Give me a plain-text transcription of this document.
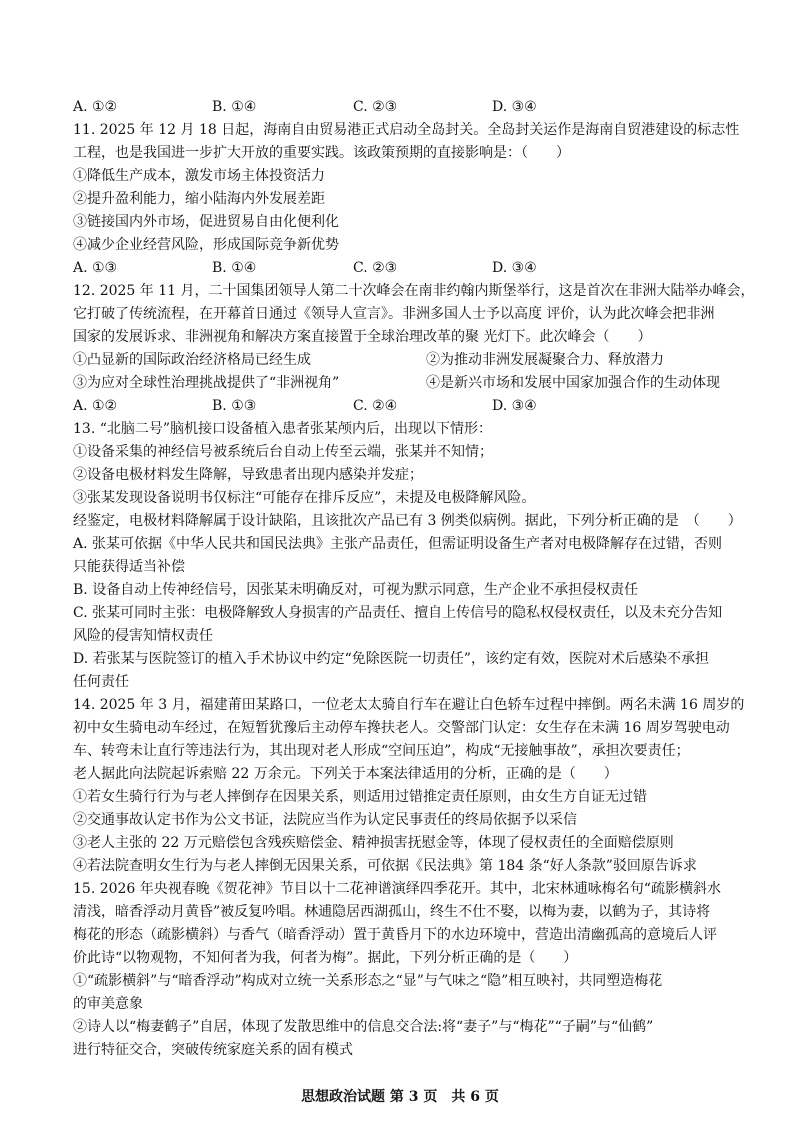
A. ①②	B. ①④	C. ②③	D. ③④
11. 2025 年 12 月 18 日起，海南自由贸易港正式启动全岛封关。全岛封关运作是海南自贸港建设的标志性
工程，也是我国进一步扩大开放的重要实践。该政策预期的直接影响是：（　　）
①降低生产成本，激发市场主体投资活力
②提升盈利能力，缩小陆海内外发展差距
③链接国内外市场，促进贸易自由化便利化
④减少企业经营风险，形成国际竞争新优势
A. ①③	B. ①④	C. ②③	D. ③④
12. 2025 年 11 月，二十国集团领导人第二十次峰会在南非约翰内斯堡举行，这是首次在非洲大陆举办峰会，
它打破了传统流程，在开幕首日通过《领导人宣言》。非洲多国人士予以高度 评价，认为此次峰会把非洲
国家的发展诉求、非洲视角和解决方案直接置于全球治理改革的聚 光灯下。此次峰会（　　）
①凸显新的国际政治经济格局已经生成	②为推动非洲发展凝聚合力、释放潜力
③为应对全球性治理挑战提供了“非洲视角”	④是新兴市场和发展中国家加强合作的生动体现
A. ①②	B. ①③	C. ②④	D. ③④
13. “北脑二号”脑机接口设备植入患者张某颅内后，出现以下情形：
①设备采集的神经信号被系统后台自动上传至云端，张某并不知情；
②设备电极材料发生降解，导致患者出现内感染并发症；
③张某发现设备说明书仅标注“可能存在排斥反应”，未提及电极降解风险。
经鉴定，电极材料降解属于设计缺陷，且该批次产品已有 3 例类似病例。据此，下列分析正确的是　（　　）
A. 张某可依据《中华人民共和国民法典》主张产品责任，但需证明设备生产者对电极降解存在过错，否则
只能获得适当补偿
B. 设备自动上传神经信号，因张某未明确反对，可视为默示同意，生产企业不承担侵权责任
C. 张某可同时主张：电极降解致人身损害的产品责任、擅自上传信号的隐私权侵权责任，以及未充分告知
风险的侵害知情权责任
D. 若张某与医院签订的植入手术协议中约定“免除医院一切责任”，该约定有效，医院对术后感染不承担
任何责任
14. 2025 年 3 月，福建莆田某路口，一位老太太骑自行车在避让白色轿车过程中摔倒。两名未满 16 周岁的
初中女生骑电动车经过，在短暂犹豫后主动停车搀扶老人。交警部门认定：女生存在未满 16 周岁驾驶电动
车、转弯未让直行等违法行为，其出现对老人形成“空间压迫”，构成“无接触事故”，承担次要责任；
老人据此向法院起诉索赔 22 万余元。下列关于本案法律适用的分析，正确的是（　　）
①若女生骑行行为与老人摔倒存在因果关系，则适用过错推定责任原则，由女生方自证无过错
②交通事故认定书作为公文书证，法院应当作为认定民事责任的终局依据予以采信
③老人主张的 22 万元赔偿包含残疾赔偿金、精神损害抚慰金等，体现了侵权责任的全面赔偿原则
④若法院查明女生行为与老人摔倒无因果关系，可依据《民法典》第 184 条“好人条款”驳回原告诉求
15. 2026 年央视春晚《贺花神》节目以十二花神谱演绎四季花开。其中，北宋林逋咏梅名句“疏影横斜水
清浅，暗香浮动月黄昏”被反复吟唱。林逋隐居西湖孤山，终生不仕不娶，以梅为妻，以鹤为子，其诗将
梅花的形态（疏影横斜）与香气（暗香浮动）置于黄昏月下的水边环境中，营造出清幽孤高的意境后人评
价此诗“以物观物，不知何者为我，何者为梅”。据此，下列分析正确的是（　　）
①“疏影横斜”与“暗香浮动”构成对立统一关系形态之“显”与气味之“隐”相互映衬，共同塑造梅花
的审美意象
②诗人以“梅妻鹤子”自居，体现了发散思维中的信息交合法:将“妻子”与“梅花”“子嗣”与“仙鹤”
进行特征交合，突破传统家庭关系的固有模式
思想政治试题 第 3 页　共 6 页
